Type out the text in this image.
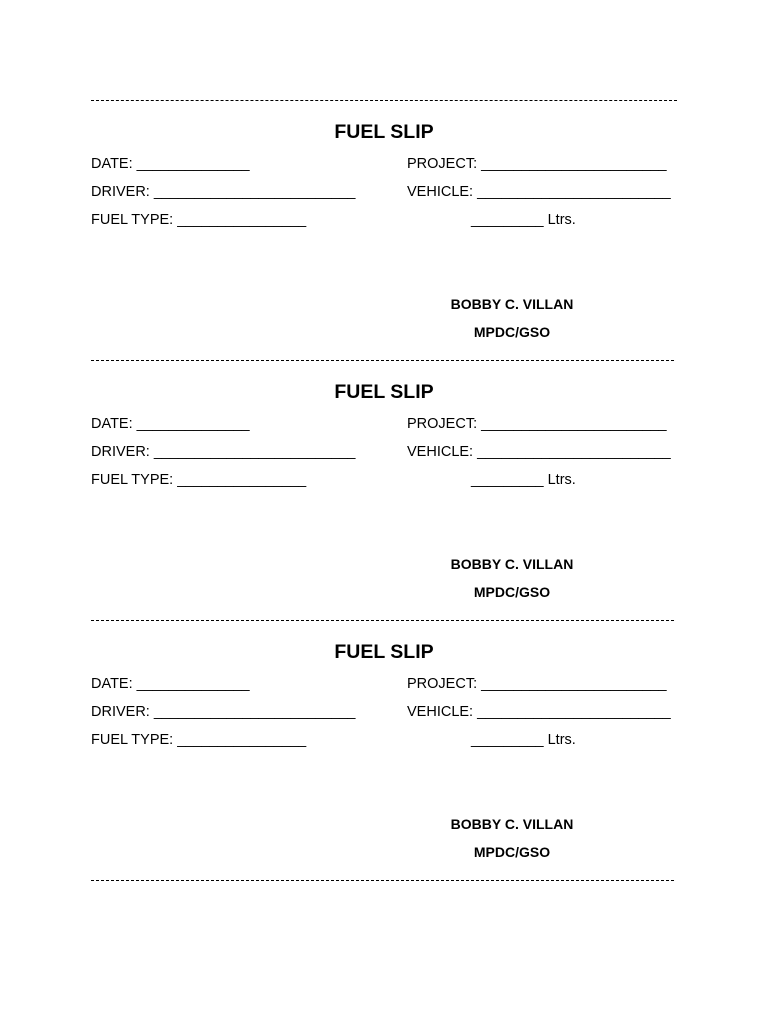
FUEL SLIP
DATE: ______________	PROJECT: _______________________
DRIVER: _________________________	VEHICLE: ________________________
FUEL TYPE: ________________	_________ Ltrs.
BOBBY C. VILLAN
MPDC/GSO
FUEL SLIP
DATE: ______________	PROJECT: _______________________
DRIVER: _________________________	VEHICLE: ________________________
FUEL TYPE: ________________	_________ Ltrs.
BOBBY C. VILLAN
MPDC/GSO
FUEL SLIP
DATE: ______________	PROJECT: _______________________
DRIVER: _________________________	VEHICLE: ________________________
FUEL TYPE: ________________	_________ Ltrs.
BOBBY C. VILLAN
MPDC/GSO
